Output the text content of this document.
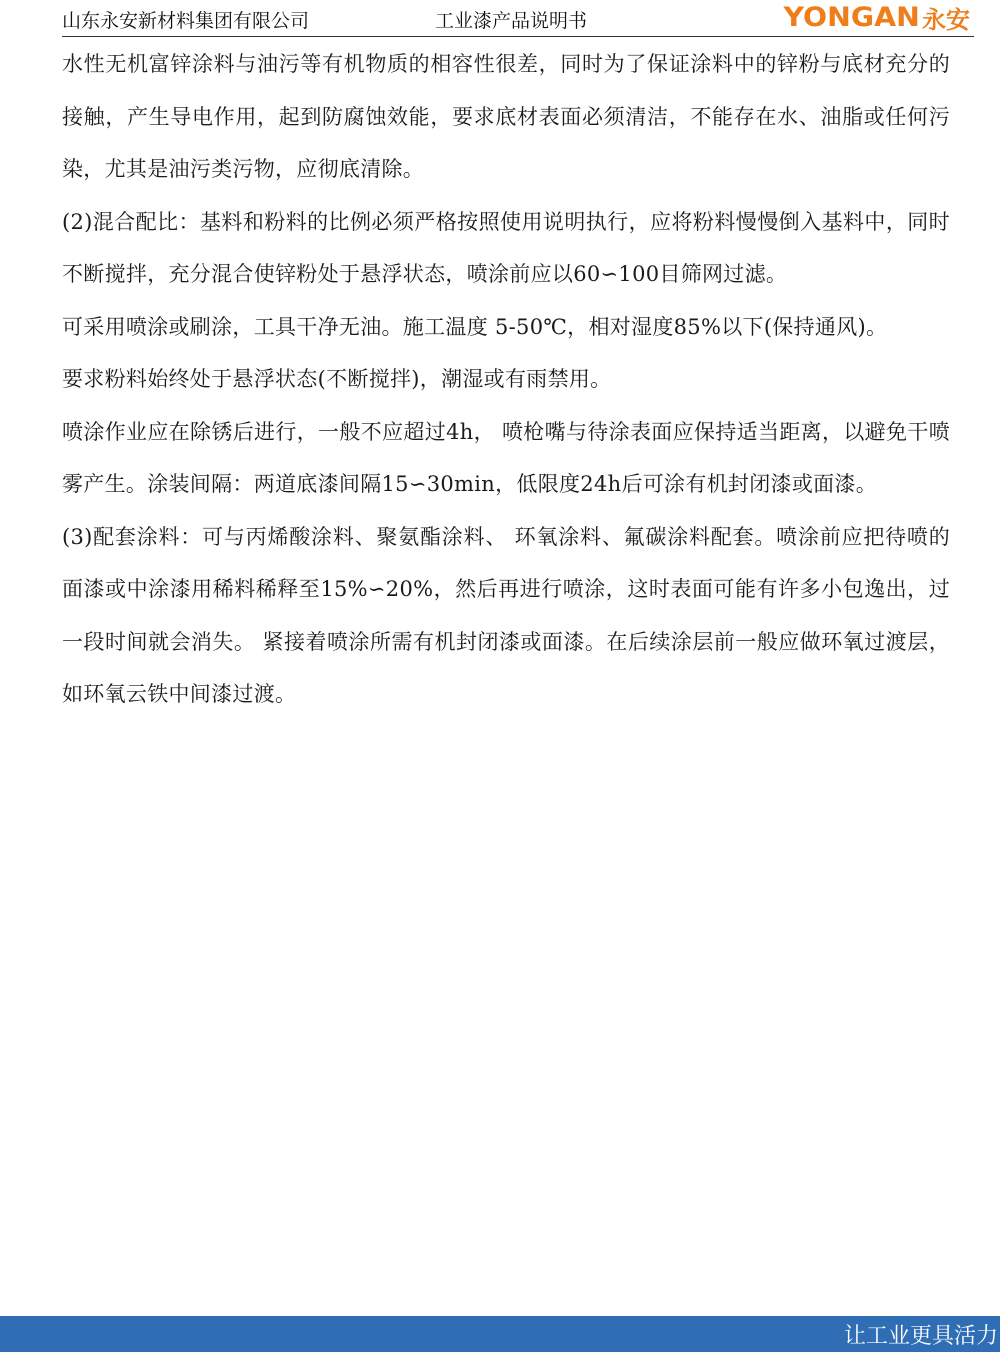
山东永安新材料集团有限公司	工业漆产品说明书	YONGAN 永安

水性无机富锌涂料与油污等有机物质的相容性很差，同时为了保证涂料中的锌粉与底材充分的接触，产生导电作用，起到防腐蚀效能，要求底材表面必须清洁，不能存在水、油脂或任何污染，尤其是油污类污物，应彻底清除。

(2)混合配比：基料和粉料的比例必须严格按照使用说明执行，应将粉料慢慢倒入基料中，同时不断搅拌，充分混合使锌粉处于悬浮状态，喷涂前应以60∽100目筛网过滤。

可采用喷涂或刷涂，工具干净无油。施工温度 5-50℃，相对湿度85%以下(保持通风)。

要求粉料始终处于悬浮状态(不断搅拌)，潮湿或有雨禁用。

喷涂作业应在除锈后进行，一般不应超过4h， 喷枪嘴与待涂表面应保持适当距离，以避免干喷雾产生。涂装间隔：两道底漆间隔15∽30min，低限度24h后可涂有机封闭漆或面漆。

(3)配套涂料：可与丙烯酸涂料、聚氨酯涂料、 环氧涂料、氟碳涂料配套。喷涂前应把待喷的面漆或中涂漆用稀料稀释至15%∽20%，然后再进行喷涂，这时表面可能有许多小包逸出，过一段时间就会消失。 紧接着喷涂所需有机封闭漆或面漆。在后续涂层前一般应做环氧过渡层，如环氧云铁中间漆过渡。

让工业更具活力
